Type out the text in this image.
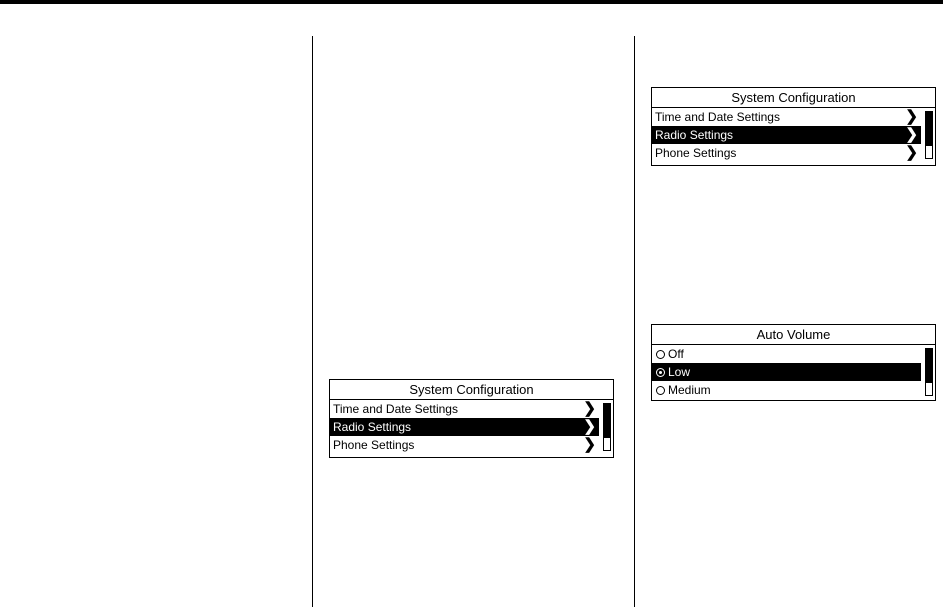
System Configuration
Time and Date Settings	❯
Radio Settings	❯
Phone Settings	❯
System Configuration
Time and Date Settings	❯
Radio Settings	❯
Phone Settings	❯
Auto Volume
Off
Low
Medium
